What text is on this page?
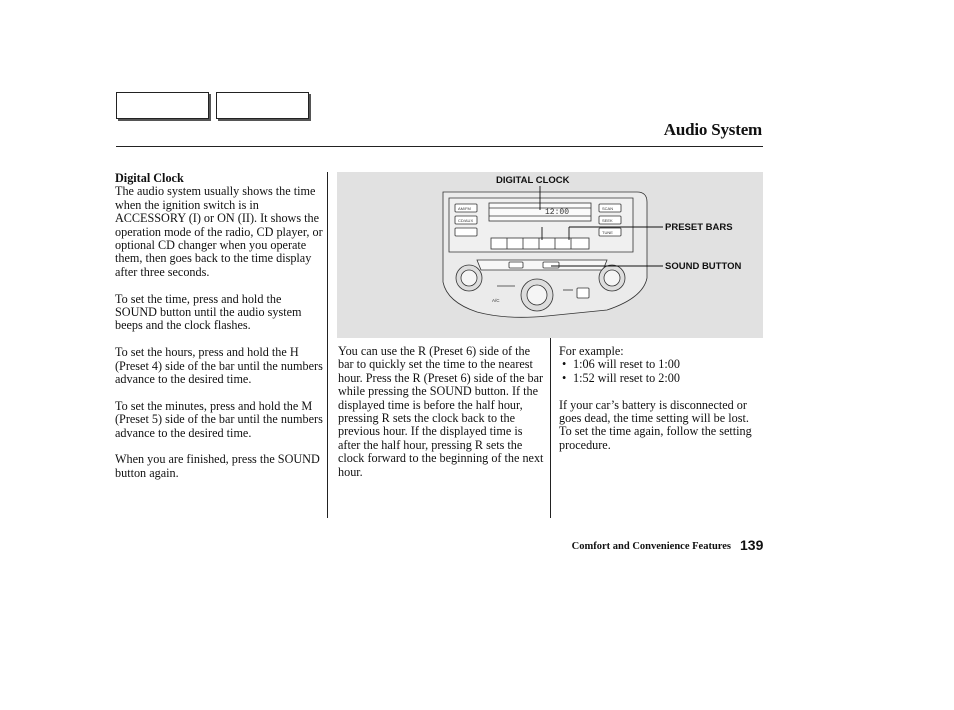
Audio System
Digital Clock

The audio system usually shows the time when the ignition switch is in ACCESSORY (I) or ON (II). It shows the operation mode of the radio, CD player, or optional CD changer when you operate them, then goes back to the time display after three seconds.

To set the time, press and hold the SOUND button until the audio system beeps and the clock flashes.

To set the hours, press and hold the H (Preset 4) side of the bar until the numbers advance to the desired time.

To set the minutes, press and hold the M (Preset 5) side of the bar until the numbers advance to the desired time.

When you are finished, press the SOUND button again.

12:00
AM/FM
CD/AUX
SCAN
SEEK
TUNE
A/C
DIGITAL CLOCK
PRESET BARS
SOUND BUTTON

You can use the R (Preset 6) side of the bar to quickly set the time to the nearest hour. Press the R (Preset 6) side of the bar while pressing the SOUND button. If the displayed time is before the half hour, pressing R sets the clock back to the previous hour. If the displayed time is after the half hour, pressing R sets the clock forward to the beginning of the next hour.

For example:
• 1:06 will reset to 1:00
• 1:52 will reset to 2:00

If your car’s battery is disconnected or goes dead, the time setting will be lost. To set the time again, follow the setting procedure.

Comfort and Convenience Features 139
